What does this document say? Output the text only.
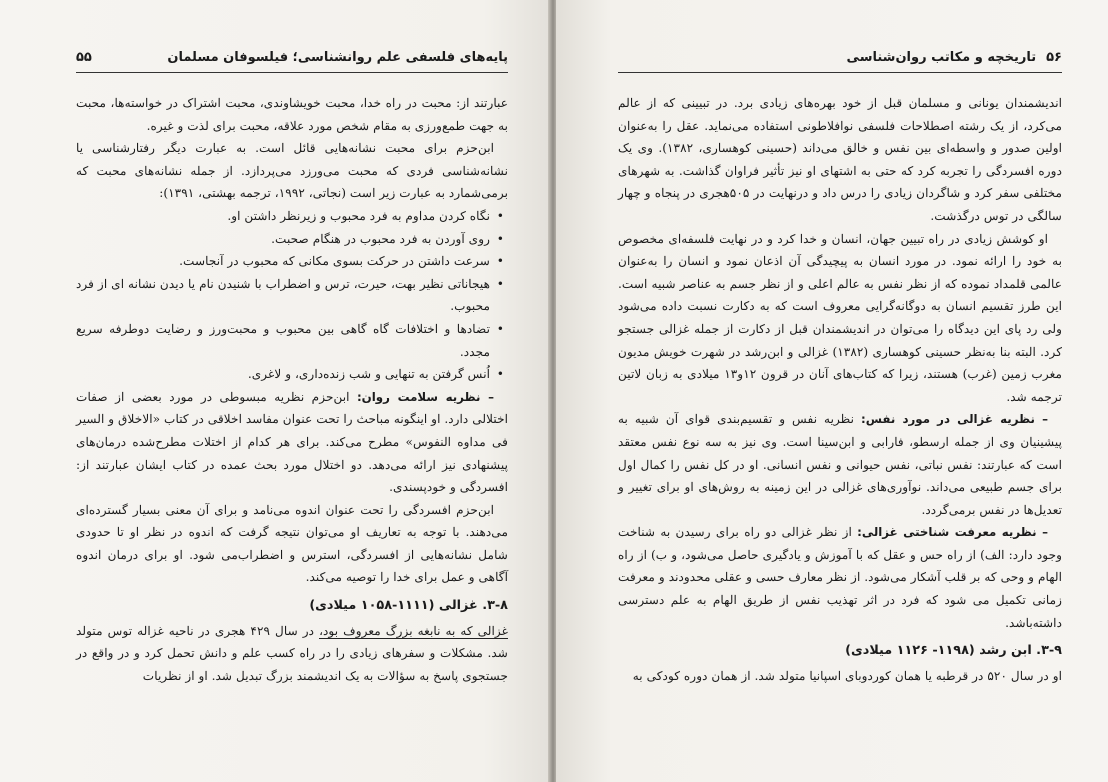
پایه‌های فلسفی علم روانشناسی؛ فیلسوفان مسلمان
۵۵

عبارتند از: محبت در راه خدا، محبت خویشاوندی، محبت اشتراک در خواسته‌ها، محبت به جهت طمع‌ورزی به مقام شخص مورد علاقه، محبت برای لذت و غیره.

ابن‌حزم برای محبت نشانه‌هایی قائل است. به عبارت دیگر رفتارشناسی یا نشانه‌شناسی فردی که محبت می‌ورزد می‌پردازد. از جمله نشانه‌های محبت که برمی‌شمارد به عبارت زیر است (نجاتی، ۱۹۹۲، ترجمه بهشتی، ۱۳۹۱):

• نگاه کردن مداوم به فرد محبوب و زیرنظر داشتن او.
• روی آوردن به فرد محبوب در هنگام صحبت.
• سرعت داشتن در حرکت بسوی مکانی که محبوب در آنجاست.
• هیجاناتی نظیر بهت، حیرت، ترس و اضطراب با شنیدن نام یا دیدن نشانه ای از فرد محبوب.
• تضادها و اختلافات گاه گاهی بین محبوب و محبت‌ورز و رضایت دوطرفه سریع مجدد.
• اُنس گرفتن به تنهایی و شب زنده‌داری، و لاغری.

– نظریه سلامت روان: ابن‌حزم نظریه مبسوطی در مورد بعضی از صفات اختلالی دارد. او اینگونه مباحث را تحت عنوان مفاسد اخلاقی در کتاب «الاخلاق و السیر فی مداوه النفوس» مطرح می‌کند. برای هر کدام از اختلات مطرح‌شده درمان‌های پیشنهادی نیز ارائه می‌دهد. دو اختلال مورد بحث عمده در کتاب ایشان عبارتند از: افسردگی و خودپسندی.

ابن‌حزم افسردگی را تحت عنوان اندوه می‌نامد و برای آن معنی بسیار گسترده‌ای می‌دهند. با توجه به تعاریف او می‌توان نتیجه گرفت که اندوه در نظر او تا حدودی شامل نشانه‌هایی از افسردگی، استرس و اضطراب‌می شود. او برای درمان اندوه آگاهی و عمل برای خدا را توصیه می‌کند.

۳-۸. غزالی (۱۱۱۱-۱۰۵۸ میلادی)

غزالی که به نابغه بزرگ معروف بود، در سال ۴۲۹ هجری در ناحیه غزاله توس متولد شد. مشکلات و سفرهای زیادی را در راه کسب علم و دانش تحمل کرد و در واقع در جستجوی پاسخ به سؤالات به یک اندیشمند بزرگ تبدیل شد. او از نظریات

۵۶
تاریخچه و مکاتب روان‌شناسی

اندیشمندان یونانی و مسلمان قبل از خود بهره‌های زیادی برد. در تبیینی که از عالم می‌کرد، از یک رشته اصطلاحات فلسفی نوافلاطونی استفاده می‌نماید. عقل را به‌عنوان اولین صدور و واسطه‌ای بین نفس و خالق می‌داند (حسینی کوهساری، ۱۳۸۲). وی یک دوره افسردگی را تجربه کرد که حتی به اشتهای او نیز تأثیر فراوان گذاشت. به شهرهای مختلفی سفر کرد و شاگردان زیادی را درس داد و درنهایت در ۵۰۵هجری در پنجاه و چهار سالگی در توس درگذشت.

او کوشش زیادی در راه تبیین جهان، انسان و خدا کرد و در نهایت فلسفه‌ای مخصوص به خود را ارائه نمود. در مورد انسان به پیچیدگی آن اذعان نمود و انسان را به‌عنوان عالمی قلمداد نموده که از نظر نفس به عالم اعلی و از نظر جسم به عناصر شبیه است. این طرز تقسیم انسان به دوگانه‌گرایی معروف است که به دکارت نسبت داده می‌شود ولی رد پای این دیدگاه را می‌توان در اندیشمندان قبل از دکارت از جمله غزالی جستجو کرد. البته بنا به‌نظر حسینی کوهساری (۱۳۸۲) غزالی و ابن‌رشد در شهرت خویش مدیون مغرب زمین (غرب) هستند، زیرا که کتاب‌های آنان در قرون ۱۲و۱۳ میلادی به زبان لاتین ترجمه شد.

– نظریه غزالی در مورد نفس: نظریه نفس و تقسیم‌بندی قوای آن شبیه به پیشینیان وی از جمله ارسطو، فارابی و ابن‌سینا است. وی نیز به سه نوع نفس معتقد است که عبارتند: نفس نباتی، نفس حیوانی و نفس انسانی. او در کل نفس را کمال اول برای جسم طبیعی می‌داند. نوآوری‌های غزالی در این زمینه به روش‌های او برای تغییر و تعدیل‌ها در نفس برمی‌گردد.

– نظریه معرفت شناختی غزالی: از نظر غزالی دو راه برای رسیدن به شناخت وجود دارد: الف) از راه حس و عقل که با آموزش و یادگیری حاصل می‌شود، و ب) از راه الهام و وحی که بر قلب آشکار می‌شود. از نظر معارف حسی و عقلی محدودند و معرفت زمانی تکمیل می شود که فرد در اثر تهذیب نفس از طریق الهام به علم دسترسی داشته‌باشد.

۳-۹. ابن رشد (۱۱۹۸- ۱۱۲۶ میلادی)

او در سال ۵۲۰ در قرطبه یا همان کوردوبای اسپانیا متولد شد. از همان دوره کودکی به
